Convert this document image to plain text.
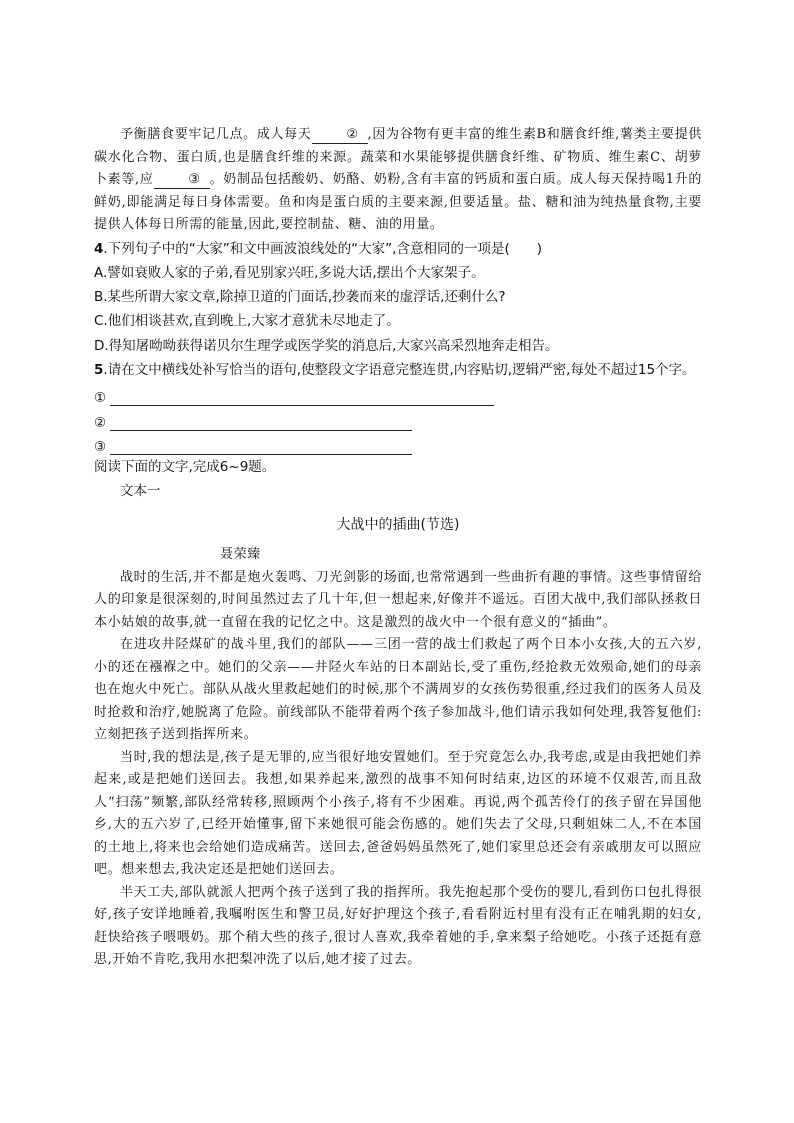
予衡膳食要牢记几点。成人每天	② ,因为谷物有更丰富的维生素B和膳食纤维,薯类主要提供碳水化合物、蛋白质,也是膳食纤维的来源。蔬菜和水果能够提供膳食纤维、矿物质、维生素C、胡萝卜素等,应	③ 。奶制品包括酸奶、奶酪、奶粉,含有丰富的钙质和蛋白质。成人每天保持喝1升的鲜奶,即能满足每日身体需要。鱼和肉是蛋白质的主要来源,但要适量。盐、糖和油为纯热量食物,主要提供人体每日所需的能量,因此,要控制盐、糖、油的用量。

4.下列句子中的“大家”和文中画波浪线处的“大家”,含意相同的一项是(　　)

A.譬如衰败人家的子弟,看见别家兴旺,多说大话,摆出个大家架子。

B.某些所谓大家文章,除掉卫道的门面话,抄袭而来的虚浮话,还剩什么?

C.他们相谈甚欢,直到晚上,大家才意犹未尽地走了。

D.得知屠呦呦获得诺贝尔生理学或医学奖的消息后,大家兴高采烈地奔走相告。

5.请在文中横线处补写恰当的语句,使整段文字语意完整连贯,内容贴切,逻辑严密,每处不超过15个字。

①
②
③

阅读下面的文字,完成6~9题。

文本一

大战中的插曲(节选)

聂荣臻

战时的生活,并不都是炮火轰鸣、刀光剑影的场面,也常常遇到一些曲折有趣的事情。这些事情留给人的印象是很深刻的,时间虽然过去了几十年,但一想起来,好像并不遥远。百团大战中,我们部队拯救日本小姑娘的故事,就一直留在我的记忆之中。这是激烈的战火中一个很有意义的“插曲”。

在进攻井陉煤矿的战斗里,我们的部队——三团一营的战士们救起了两个日本小女孩,大的五六岁,小的还在襁褓之中。她们的父亲——井陉火车站的日本副站长,受了重伤,经抢救无效殒命,她们的母亲也在炮火中死亡。部队从战火里救起她们的时候,那个不满周岁的女孩伤势很重,经过我们的医务人员及时抢救和治疗,她脱离了危险。前线部队不能带着两个孩子参加战斗,他们请示我如何处理,我答复他们:立刻把孩子送到指挥所来。

当时,我的想法是,孩子是无罪的,应当很好地安置她们。至于究竟怎么办,我考虑,或是由我把她们养起来,或是把她们送回去。我想,如果养起来,激烈的战事不知何时结束,边区的环境不仅艰苦,而且敌人“扫荡”频繁,部队经常转移,照顾两个小孩子,将有不少困难。再说,两个孤苦伶仃的孩子留在异国他乡,大的五六岁了,已经开始懂事,留下来她很可能会伤感的。她们失去了父母,只剩姐妹二人,不在本国的土地上,将来也会给她们造成痛苦。送回去,爸爸妈妈虽然死了,她们家里总还会有亲戚朋友可以照应吧。想来想去,我决定还是把她们送回去。

半天工夫,部队就派人把两个孩子送到了我的指挥所。我先抱起那个受伤的婴儿,看到伤口包扎得很好,孩子安详地睡着,我嘱咐医生和警卫员,好好护理这个孩子,看看附近村里有没有正在哺乳期的妇女,赶快给孩子喂喂奶。那个稍大些的孩子,很讨人喜欢,我牵着她的手,拿来梨子给她吃。小孩子还挺有意思,开始不肯吃,我用水把梨冲洗了以后,她才接了过去。
